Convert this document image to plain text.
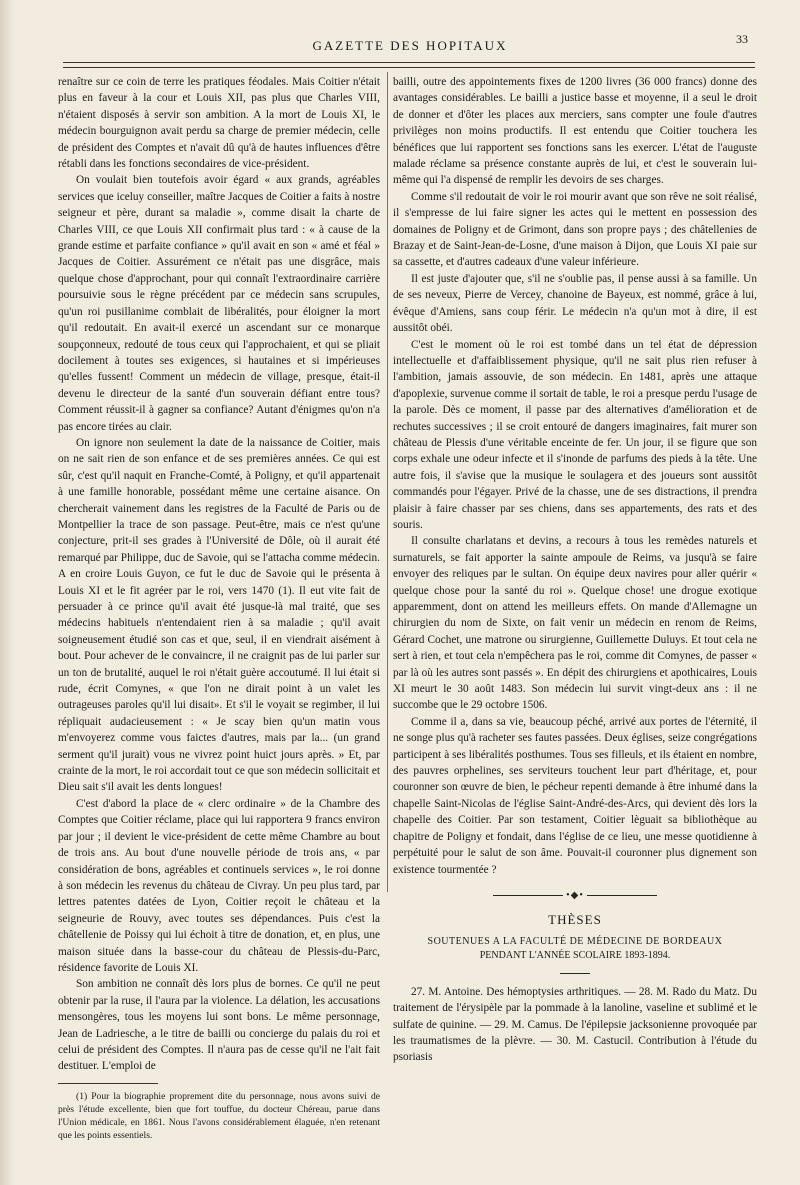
GAZETTE DES HOPITAUX	33

renaître sur ce coin de terre les pratiques féodales. Mais Coitier n'était plus en faveur à la cour et Louis XII, pas plus que Charles VIII, n'étaient disposés à servir son ambition. A la mort de Louis XI, le médecin bourguignon avait perdu sa charge de premier médecin, celle de président des Comptes et n'avait dû qu'à de hautes influences d'être rétabli dans les fonctions secondaires de vice-président.

On voulait bien toutefois avoir égard « aux grands, agréables services que iceluy conseiller, maître Jacques de Coitier a faits à nostre seigneur et père, durant sa maladie », comme disait la charte de Charles VIII, ce que Louis XII confirmait plus tard : « à cause de la grande estime et parfaite confiance » qu'il avait en son « amé et féal » Jacques de Coitier. Assurément ce n'était pas une disgrâce, mais quelque chose d'approchant, pour qui connaît l'extraordinaire carrière poursuivie sous le règne précédent par ce médecin sans scrupules, qu'un roi pusillanime comblait de libéralités, pour éloigner la mort qu'il redoutait. En avait-il exercé un ascendant sur ce monarque soupçonneux, redouté de tous ceux qui l'approchaient, et qui se pliait docilement à toutes ses exigences, si hautaines et si impérieuses qu'elles fussent! Comment un médecin de village, presque, était-il devenu le directeur de la santé d'un souverain défiant entre tous? Comment réussit-il à gagner sa confiance? Autant d'énigmes qu'on n'a pas encore tirées au clair.

On ignore non seulement la date de la naissance de Coitier, mais on ne sait rien de son enfance et de ses premières années. Ce qui est sûr, c'est qu'il naquit en Franche-Comté, à Poligny, et qu'il appartenait à une famille honorable, possédant même une certaine aisance. On chercherait vainement dans les registres de la Faculté de Paris ou de Montpellier la trace de son passage. Peut-être, mais ce n'est qu'une conjecture, prit-il ses grades à l'Université de Dôle, où il aurait été remarqué par Philippe, duc de Savoie, qui se l'attacha comme médecin. A en croire Louis Guyon, ce fut le duc de Savoie qui le présenta à Louis XI et le fit agréer par le roi, vers 1470 (1). Il eut vite fait de persuader à ce prince qu'il avait été jusque-là mal traité, que ses médecins habituels n'entendaient rien à sa maladie ; qu'il avait soigneusement étudié son cas et que, seul, il en viendrait aisément à bout. Pour achever de le convaincre, il ne craignit pas de lui parler sur un ton de brutalité, auquel le roi n'était guère accoutumé. Il lui était si rude, écrit Comynes, « que l'on ne dirait point à un valet les outrageuses paroles qu'il lui disait». Et s'il le voyait se regimber, il lui répliquait audacieusement : « Je scay bien qu'un matin vous m'envoyerez comme vous faictes d'autres, mais par la... (un grand serment qu'il jurait) vous ne vivrez point huict jours après. » Et, par crainte de la mort, le roi accordait tout ce que son médecin sollicitait et Dieu sait s'il avait les dents longues!

C'est d'abord la place de « clerc ordinaire » de la Chambre des Comptes que Coitier réclame, place qui lui rapportera 9 francs environ par jour ; il devient le vice-président de cette même Chambre au bout de trois ans. Au bout d'une nouvelle période de trois ans, « par considération de bons, agréables et continuels services », le roi donne à son médecin les revenus du château de Civray. Un peu plus tard, par lettres patentes datées de Lyon, Coitier reçoit le château et la seigneurie de Rouvy, avec toutes ses dépendances. Puis c'est la châtellenie de Poissy qui lui échoit à titre de donation, et, en plus, une maison située dans la basse-cour du château de Plessis-du-Parc, résidence favorite de Louis XI.

Son ambition ne connaît dès lors plus de bornes. Ce qu'il ne peut obtenir par la ruse, il l'aura par la violence. La délation, les accusations mensongères, tous les moyens lui sont bons. Le même personnage, Jean de Ladriesche, a le titre de bailli ou concierge du palais du roi et celui de président des Comptes. Il n'aura pas de cesse qu'il ne l'ait fait destituer. L'emploi de

(1) Pour la biographie proprement dite du personnage, nous avons suivi de près l'étude excellente, bien que fort touffue, du docteur Chéreau, parue dans l'Union médicale, en 1861. Nous l'avons considérablement élaguée, n'en retenant que les points essentiels.

bailli, outre des appointements fixes de 1200 livres (36 000 francs) donne des avantages considérables. Le bailli a justice basse et moyenne, il a seul le droit de donner et d'ôter les places aux merciers, sans compter une foule d'autres privilèges non moins productifs. Il est entendu que Coitier touchera les bénéfices que lui rapportent ses fonctions sans les exercer. L'état de l'auguste malade réclame sa présence constante auprès de lui, et c'est le souverain lui-même qui l'a dispensé de remplir les devoirs de ses charges.

Comme s'il redoutait de voir le roi mourir avant que son rêve ne soit réalisé, il s'empresse de lui faire signer les actes qui le mettent en possession des domaines de Poligny et de Grimont, dans son propre pays ; des châtellenies de Brazay et de Saint-Jean-de-Losne, d'une maison à Dijon, que Louis XI paie sur sa cassette, et d'autres cadeaux d'une valeur inférieure.

Il est juste d'ajouter que, s'il ne s'oublie pas, il pense aussi à sa famille. Un de ses neveux, Pierre de Vercey, chanoine de Bayeux, est nommé, grâce à lui, évêque d'Amiens, sans coup férir. Le médecin n'a qu'un mot à dire, il est aussitôt obéi.

C'est le moment où le roi est tombé dans un tel état de dépression intellectuelle et d'affaiblissement physique, qu'il ne sait plus rien refuser à l'ambition, jamais assouvie, de son médecin. En 1481, après une attaque d'apoplexie, survenue comme il sortait de table, le roi a presque perdu l'usage de la parole. Dès ce moment, il passe par des alternatives d'amélioration et de rechutes successives ; il se croit entouré de dangers imaginaires, fait murer son château de Plessis d'une véritable enceinte de fer. Un jour, il se figure que son corps exhale une odeur infecte et il s'inonde de parfums des pieds à la tête. Une autre fois, il s'avise que la musique le soulagera et des joueurs sont aussitôt commandés pour l'égayer. Privé de la chasse, une de ses distractions, il prendra plaisir à faire chasser par ses chiens, dans ses appartements, des rats et des souris.

Il consulte charlatans et devins, a recours à tous les remèdes naturels et surnaturels, se fait apporter la sainte ampoule de Reims, va jusqu'à se faire envoyer des reliques par le sultan. On équipe deux navires pour aller quérir « quelque chose pour la santé du roi ». Quelque chose! une drogue exotique apparemment, dont on attend les meilleurs effets. On mande d'Allemagne un chirurgien du nom de Sixte, on fait venir un médecin en renom de Reims, Gérard Cochet, une matrone ou sirurgienne, Guillemette Duluys. Et tout cela ne sert à rien, et tout cela n'empêchera pas le roi, comme dit Comynes, de passer « par là où les autres sont passés ». En dépit des chirurgiens et apothicaires, Louis XI meurt le 30 août 1483. Son médecin lui survit vingt-deux ans : il ne succombe que le 29 octobre 1506.

Comme il a, dans sa vie, beaucoup péché, arrivé aux portes de l'éternité, il ne songe plus qu'à racheter ses fautes passées. Deux églises, seize congrégations participent à ses libéralités posthumes. Tous ses filleuls, et ils étaient en nombre, des pauvres orphelines, ses serviteurs touchent leur part d'héritage, et, pour couronner son œuvre de bien, le pécheur repenti demande à être inhumé dans la chapelle Saint-Nicolas de l'église Saint-André-des-Arcs, qui devient dès lors la chapelle des Coitier. Par son testament, Coitier lèguait sa bibliothèque au chapitre de Poligny et fondait, dans l'église de ce lieu, une messe quotidienne à perpétuité pour le salut de son âme. Pouvait-il couronner plus dignement son existence tourmentée ?

•◆•
THÈSES
SOUTENUES A LA FACULTÉ DE MÉDECINE DE BORDEAUX
PENDANT L'ANNÉE SCOLAIRE 1893-1894.

27. M. Antoine. Des hémoptysies arthritiques. — 28. M. Rado du Matz. Du traitement de l'érysipèle par la pommade à la lanoline, vaseline et sublimé et le sulfate de quinine. — 29. M. Camus. De l'épilepsie jacksonienne provoquée par les traumatismes de la plèvre. — 30. M. Castucil. Contribution à l'étude du psoriasis
